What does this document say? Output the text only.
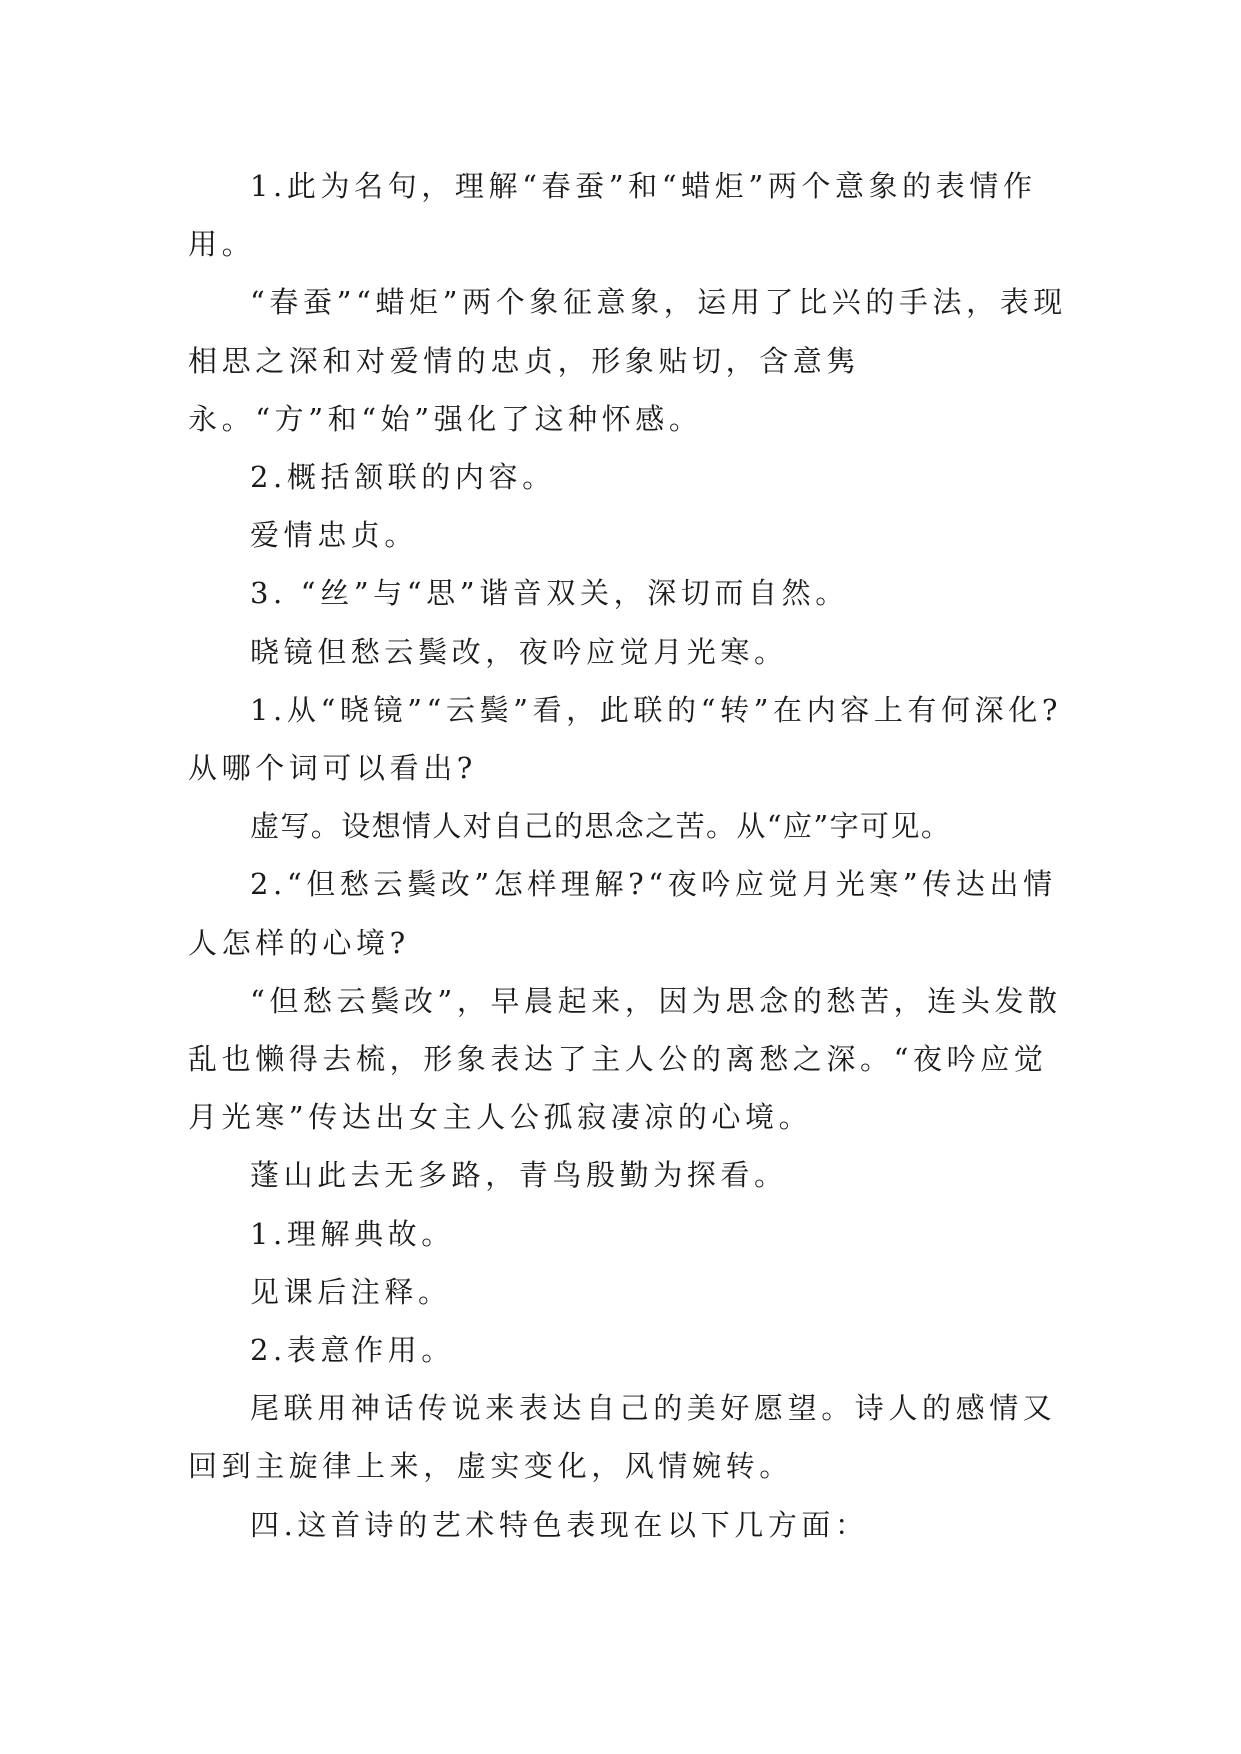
1.此为名句，理解“春蚕”和“蜡炬”两个意象的表情作用。

“春蚕”“蜡炬”两个象征意象，运用了比兴的手法，表现相思之深和对爱情的忠贞，形象贴切，含意隽永。“方”和“始”强化了这种怀感。

2.概括颔联的内容。

爱情忠贞。

3. “丝”与“思”谐音双关，深切而自然。

晓镜但愁云鬓改，夜吟应觉月光寒。

1.从“晓镜”“云鬓”看，此联的“转”在内容上有何深化?从哪个词可以看出?

虚写。设想情人对自己的思念之苦。从“应”字可见。

2.“但愁云鬓改”怎样理解?“夜吟应觉月光寒”传达出情人怎样的心境?

“但愁云鬓改”，早晨起来，因为思念的愁苦，连头发散乱也懒得去梳，形象表达了主人公的离愁之深。“夜吟应觉月光寒”传达出女主人公孤寂凄凉的心境。

蓬山此去无多路，青鸟殷勤为探看。

1.理解典故。

见课后注释。

2.表意作用。

尾联用神话传说来表达自己的美好愿望。诗人的感情又回到主旋律上来，虚实变化，风情婉转。

四.这首诗的艺术特色表现在以下几方面：
